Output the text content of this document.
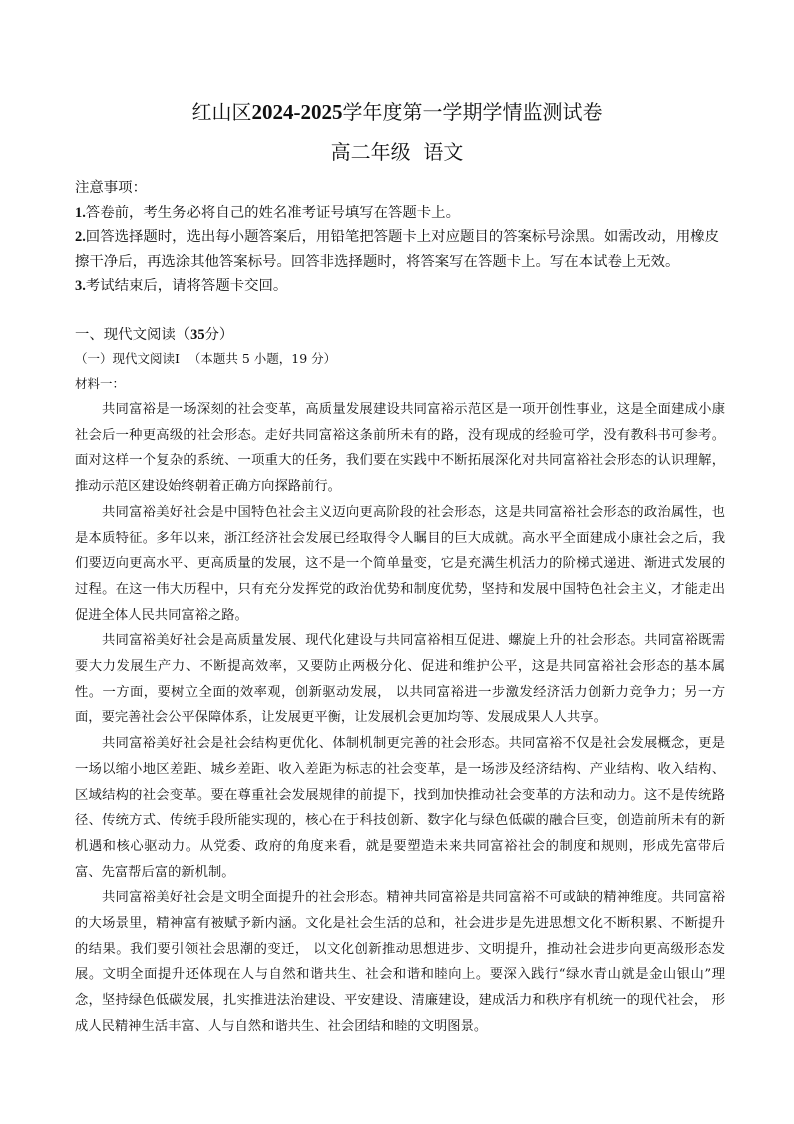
红山区2024-2025学年度第一学期学情监测试卷
高二年级  语文

注意事项：

1.答卷前，考生务必将自己的姓名准考证号填写在答题卡上。

2.回答选择题时，选出每小题答案后，用铅笔把答题卡上对应题目的答案标号涂黑。如需改动，用橡皮擦干净后，再选涂其他答案标号。回答非选择题时，将答案写在答题卡上。写在本试卷上无效。

3.考试结束后，请将答题卡交回。

一、现代文阅读（35分）

（一）现代文阅读Ⅰ  （本题共 5 小题，19 分）

材料一：

共同富裕是一场深刻的社会变革，高质量发展建设共同富裕示范区是一项开创性事业，这是全面建成小康社会后一种更高级的社会形态。走好共同富裕这条前所未有的路，没有现成的经验可学，没有教科书可参考。面对这样一个复杂的系统、一项重大的任务，我们要在实践中不断拓展深化对共同富裕社会形态的认识理解，推动示范区建设始终朝着正确方向探路前行。

共同富裕美好社会是中国特色社会主义迈向更高阶段的社会形态，这是共同富裕社会形态的政治属性，也是本质特征。多年以来，浙江经济社会发展已经取得令人瞩目的巨大成就。高水平全面建成小康社会之后，我们要迈向更高水平、更高质量的发展，这不是一个简单量变，它是充满生机活力的阶梯式递进、渐进式发展的过程。在这一伟大历程中，只有充分发挥党的政治优势和制度优势，坚持和发展中国特色社会主义，才能走出促进全体人民共同富裕之路。

共同富裕美好社会是高质量发展、现代化建设与共同富裕相互促进、螺旋上升的社会形态。共同富裕既需要大力发展生产力、不断提高效率，又要防止两极分化、促进和维护公平，这是共同富裕社会形态的基本属性。一方面，要树立全面的效率观，创新驱动发展， 以共同富裕进一步激发经济活力创新力竞争力；另一方面，要完善社会公平保障体系，让发展更平衡，让发展机会更加均等、发展成果人人共享。

共同富裕美好社会是社会结构更优化、体制机制更完善的社会形态。共同富裕不仅是社会发展概念，更是一场以缩小地区差距、城乡差距、收入差距为标志的社会变革，是一场涉及经济结构、产业结构、收入结构、 区域结构的社会变革。要在尊重社会发展规律的前提下，找到加快推动社会变革的方法和动力。这不是传统路径、传统方式、传统手段所能实现的，核心在于科技创新、数字化与绿色低碳的融合巨变，创造前所未有的新机遇和核心驱动力。从党委、政府的角度来看，就是要塑造未来共同富裕社会的制度和规则，形成先富带后富、先富帮后富的新机制。

共同富裕美好社会是文明全面提升的社会形态。精神共同富裕是共同富裕不可或缺的精神维度。共同富裕的大场景里，精神富有被赋予新内涵。文化是社会生活的总和，社会进步是先进思想文化不断积累、不断提升的结果。我们要引领社会思潮的变迁， 以文化创新推动思想进步、文明提升，推动社会进步向更高级形态发展。文明全面提升还体现在人与自然和谐共生、社会和谐和睦向上。要深入践行“绿水青山就是金山银山”理念，坚持绿色低碳发展，扎实推进法治建设、平安建设、清廉建设，建成活力和秩序有机统一的现代社会， 形成人民精神生活丰富、人与自然和谐共生、社会团结和睦的文明图景。
